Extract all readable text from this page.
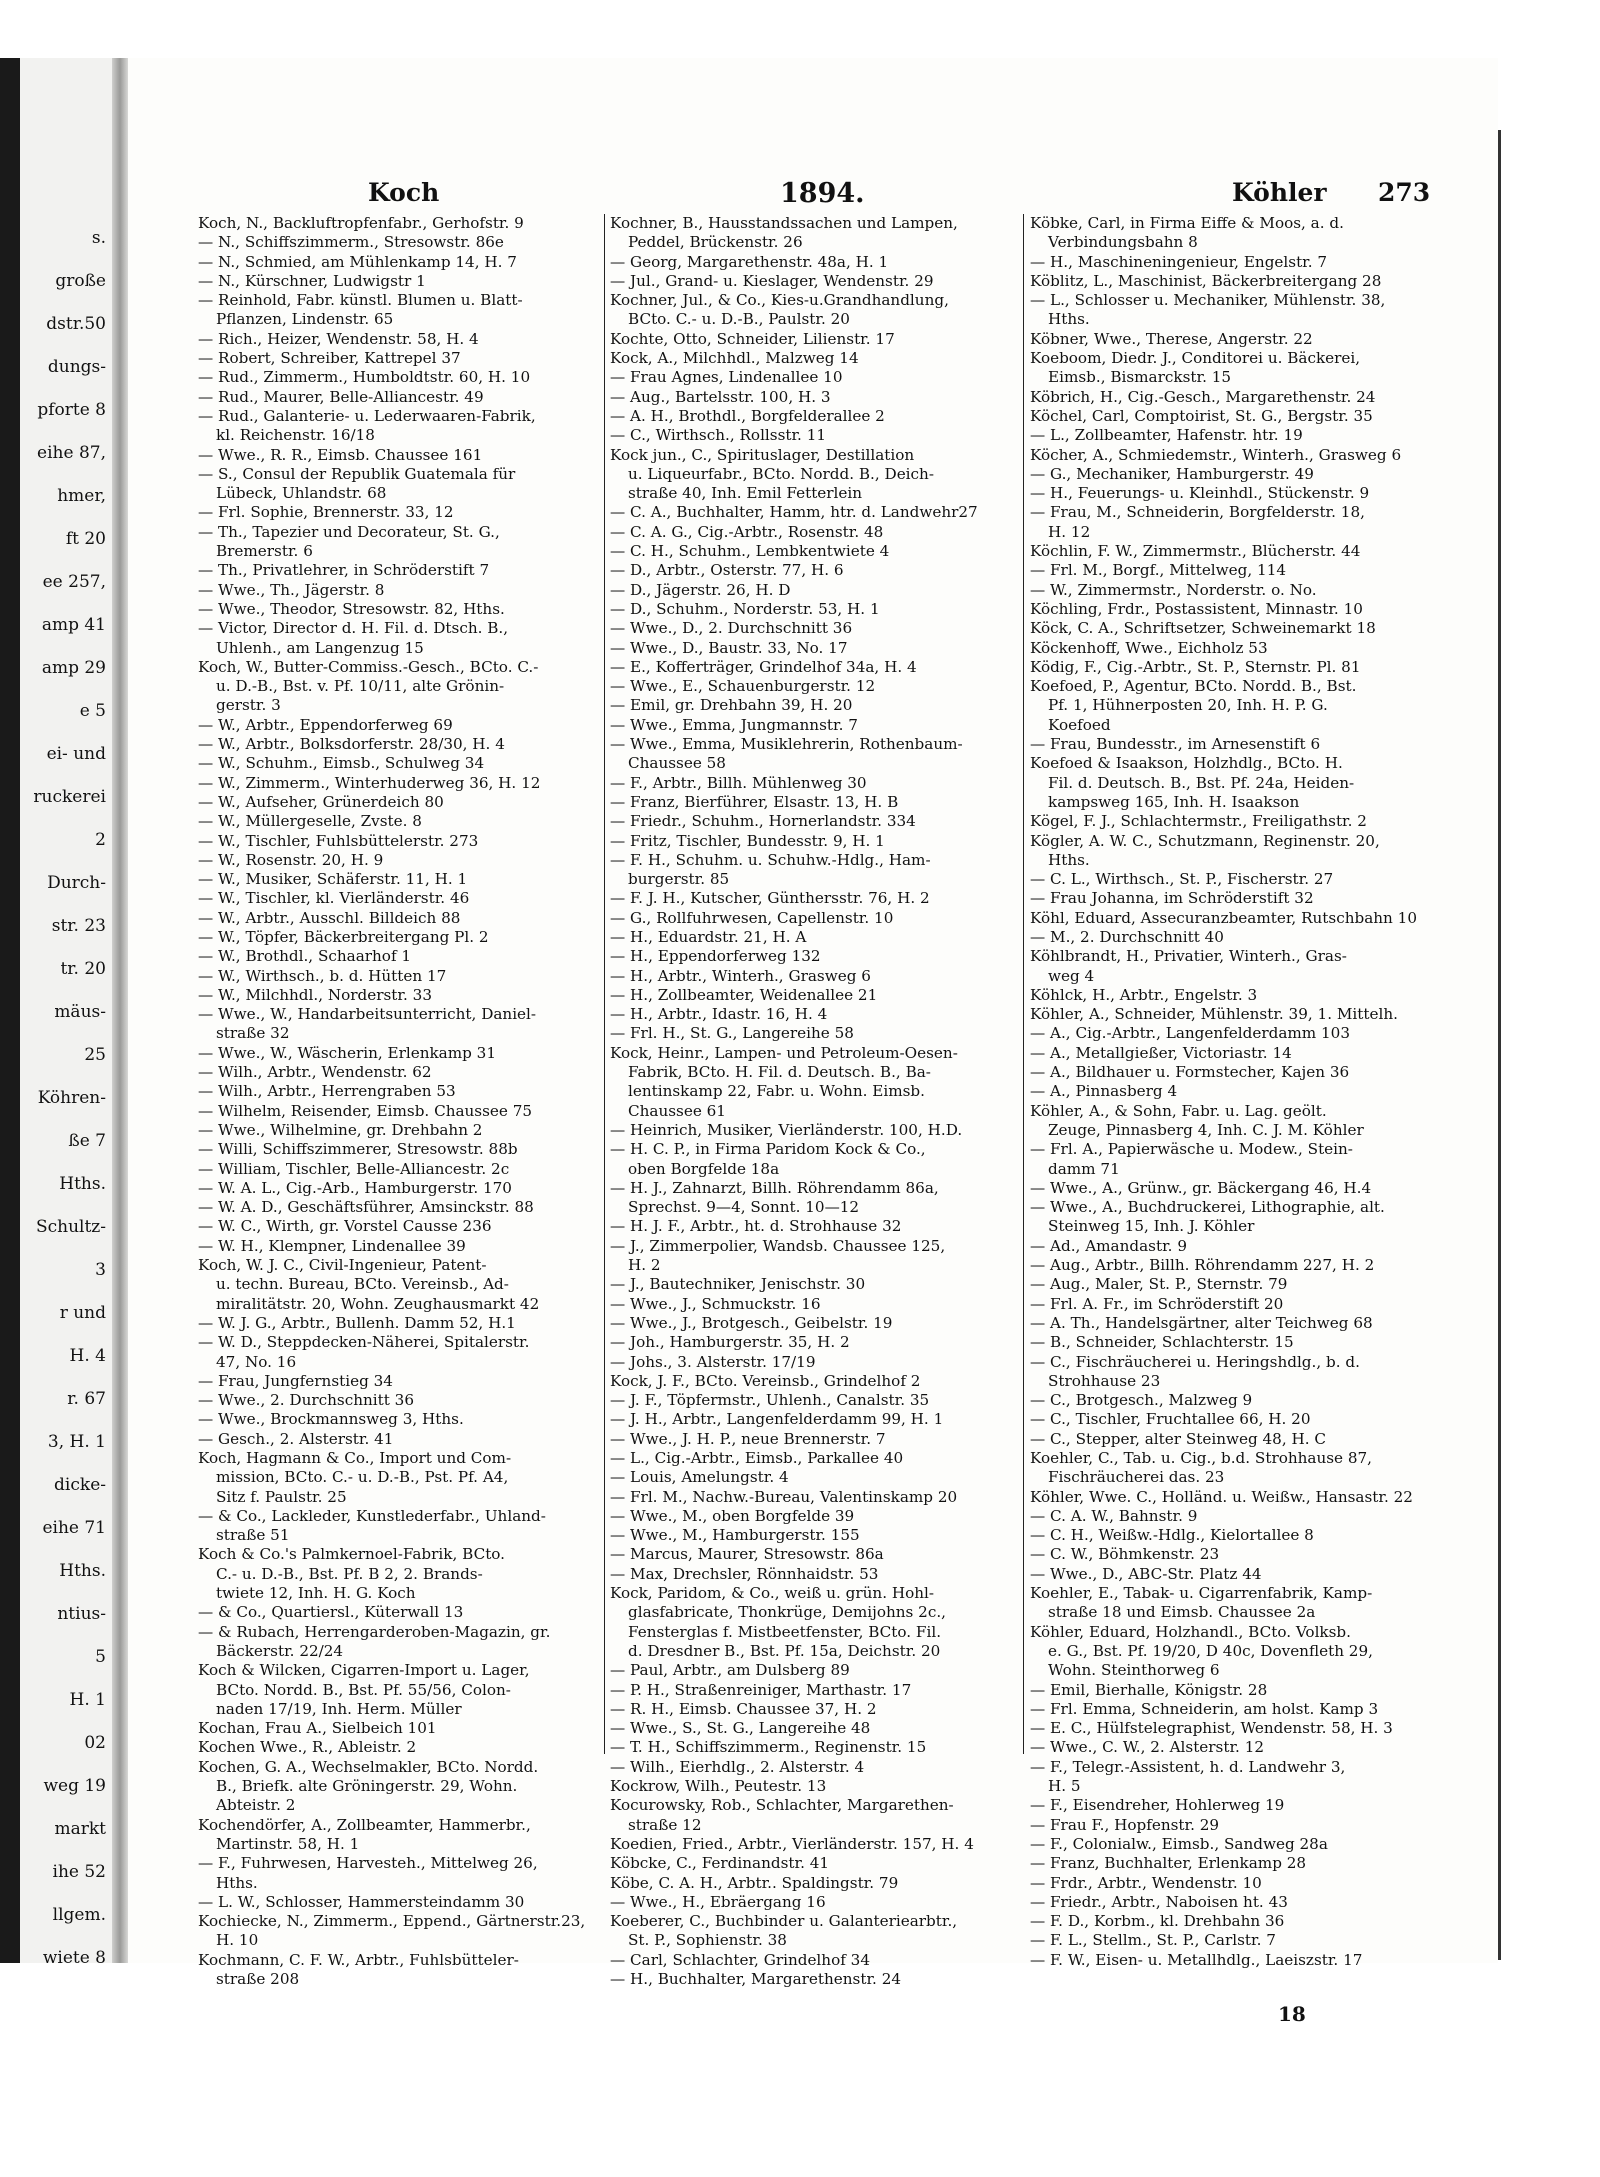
s.
große
dstr.50
dungs-
pforte 8
eihe 87,
hmer,
ft 20
ee 257,
amp 41
amp 29
e 5
ei- und
ruckerei
2
Durch-
str. 23
tr. 20
mäus-
25
Köhren-
ße 7
Hths.
Schultz-
3
r und
H. 4
r. 67
3, H. 1
dicke-
eihe 71
Hths.
ntius-
5
H. 1
02
weg 19
markt
ihe 52
llgem.
wiete 8
Koch	1894.	Köhler 273
Koch, N., Backluftropfenfabr., Gerhofstr. 9
— N., Schiffszimmerm., Stresowstr. 86e
— N., Schmied, am Mühlenkamp 14, H. 7
— N., Kürschner, Ludwigstr 1
— Reinhold, Fabr. künstl. Blumen u. Blatt-
Pflanzen, Lindenstr. 65
— Rich., Heizer, Wendenstr. 58, H. 4
— Robert, Schreiber, Kattrepel 37
— Rud., Zimmerm., Humboldtstr. 60, H. 10
— Rud., Maurer, Belle-Alliancestr. 49
— Rud., Galanterie- u. Lederwaaren-Fabrik,
kl. Reichenstr. 16/18
— Wwe., R. R., Eimsb. Chaussee 161
— S., Consul der Republik Guatemala für
Lübeck, Uhlandstr. 68
— Frl. Sophie, Brennerstr. 33, 12
— Th., Tapezier und Decorateur, St. G.,
Bremerstr. 6
— Th., Privatlehrer, in Schröderstift 7
— Wwe., Th., Jägerstr. 8
— Wwe., Theodor, Stresowstr. 82, Hths.
— Victor, Director d. H. Fil. d. Dtsch. B.,
Uhlenh., am Langenzug 15
Koch, W., Butter-Commiss.-Gesch., BCto. C.-
u. D.-B., Bst. v. Pf. 10/11, alte Grönin-
gerstr. 3
— W., Arbtr., Eppendorferweg 69
— W., Arbtr., Bolksdorferstr. 28/30, H. 4
— W., Schuhm., Eimsb., Schulweg 34
— W., Zimmerm., Winterhuderweg 36, H. 12
— W., Aufseher, Grünerdeich 80
— W., Müllergeselle, Zvste. 8
— W., Tischler, Fuhlsbüttelerstr. 273
— W., Rosenstr. 20, H. 9
— W., Musiker, Schäferstr. 11, H. 1
— W., Tischler, kl. Vierländerstr. 46
— W., Arbtr., Ausschl. Billdeich 88
— W., Töpfer, Bäckerbreitergang Pl. 2
— W., Brothdl., Schaarhof 1
— W., Wirthsch., b. d. Hütten 17
— W., Milchhdl., Norderstr. 33
— Wwe., W., Handarbeitsunterricht, Daniel-
straße 32
— Wwe., W., Wäscherin, Erlenkamp 31
— Wilh., Arbtr., Wendenstr. 62
— Wilh., Arbtr., Herrengraben 53
— Wilhelm, Reisender, Eimsb. Chaussee 75
— Wwe., Wilhelmine, gr. Drehbahn 2
— Willi, Schiffszimmerer, Stresowstr. 88b
— William, Tischler, Belle-Alliancestr. 2c
— W. A. L., Cig.-Arb., Hamburgerstr. 170
— W. A. D., Geschäftsführer, Amsinckstr. 88
— W. C., Wirth, gr. Vorstel Causse 236
— W. H., Klempner, Lindenallee 39
Koch, W. J. C., Civil-Ingenieur, Patent-
u. techn. Bureau, BCto. Vereinsb., Ad-
miralitätstr. 20, Wohn. Zeughausmarkt 42
— W. J. G., Arbtr., Bullenh. Damm 52, H.1
— W. D., Steppdecken-Näherei, Spitalerstr.
47, No. 16
— Frau, Jungfernstieg 34
— Wwe., 2. Durchschnitt 36
— Wwe., Brockmannsweg 3, Hths.
— Gesch., 2. Alsterstr. 41
Koch, Hagmann & Co., Import und Com-
mission, BCto. C.- u. D.-B., Pst. Pf. A4,
Sitz f. Paulstr. 25
— & Co., Lackleder, Kunstlederfabr., Uhland-
straße 51
Koch & Co.'s Palmkernoel-Fabrik, BCto.
C.- u. D.-B., Bst. Pf. B 2, 2. Brands-
twiete 12, Inh. H. G. Koch
— & Co., Quartiersl., Küterwall 13
— & Rubach, Herrengarderoben-Magazin, gr.
Bäckerstr. 22/24
Koch & Wilcken, Cigarren-Import u. Lager,
BCto. Nordd. B., Bst. Pf. 55/56, Colon-
naden 17/19, Inh. Herm. Müller
Kochan, Frau A., Sielbeich 101
Kochen Wwe., R., Ableistr. 2
Kochen, G. A., Wechselmakler, BCto. Nordd.
B., Briefk. alte Gröningerstr. 29, Wohn.
Abteistr. 2
Kochendörfer, A., Zollbeamter, Hammerbr.,
Martinstr. 58, H. 1
— F., Fuhrwesen, Harvesteh., Mittelweg 26,
Hths.
— L. W., Schlosser, Hammersteindamm 30
Kochiecke, N., Zimmerm., Eppend., Gärtnerstr.23,
H. 10
Kochmann, C. F. W., Arbtr., Fuhlsbütteler-
straße 208
Kochner, B., Hausstandssachen und Lampen,
Peddel, Brückenstr. 26
— Georg, Margarethenstr. 48a, H. 1
— Jul., Grand- u. Kieslager, Wendenstr. 29
Kochner, Jul., & Co., Kies-u.Grandhandlung,
BCto. C.- u. D.-B., Paulstr. 20
Kochte, Otto, Schneider, Lilienstr. 17
Kock, A., Milchhdl., Malzweg 14
— Frau Agnes, Lindenallee 10
— Aug., Bartelsstr. 100, H. 3
— A. H., Brothdl., Borgfelderallee 2
— C., Wirthsch., Rollsstr. 11
Kock jun., C., Spirituslager, Destillation
u. Liqueurfabr., BCto. Nordd. B., Deich-
straße 40, Inh. Emil Fetterlein
— C. A., Buchhalter, Hamm, htr. d. Landwehr27
— C. A. G., Cig.-Arbtr., Rosenstr. 48
— C. H., Schuhm., Lembkentwiete 4
— D., Arbtr., Osterstr. 77, H. 6
— D., Jägerstr. 26, H. D
— D., Schuhm., Norderstr. 53, H. 1
— Wwe., D., 2. Durchschnitt 36
— Wwe., D., Baustr. 33, No. 17
— E., Kofferträger, Grindelhof 34a, H. 4
— Wwe., E., Schauenburgerstr. 12
— Emil, gr. Drehbahn 39, H. 20
— Wwe., Emma, Jungmannstr. 7
— Wwe., Emma, Musiklehrerin, Rothenbaum-
Chaussee 58
— F., Arbtr., Billh. Mühlenweg 30
— Franz, Bierführer, Elsastr. 13, H. B
— Friedr., Schuhm., Hornerlandstr. 334
— Fritz, Tischler, Bundesstr. 9, H. 1
— F. H., Schuhm. u. Schuhw.-Hdlg., Ham-
burgerstr. 85
— F. J. H., Kutscher, Günthersstr. 76, H. 2
— G., Rollfuhrwesen, Capellenstr. 10
— H., Eduardstr. 21, H. A
— H., Eppendorferweg 132
— H., Arbtr., Winterh., Grasweg 6
— H., Zollbeamter, Weidenallee 21
— H., Arbtr., Idastr. 16, H. 4
— Frl. H., St. G., Langereihe 58
Kock, Heinr., Lampen- und Petroleum-Oesen-
Fabrik, BCto. H. Fil. d. Deutsch. B., Ba-
lentinskamp 22, Fabr. u. Wohn. Eimsb.
Chaussee 61
— Heinrich, Musiker, Vierländerstr. 100, H.D.
— H. C. P., in Firma Paridom Kock & Co.,
oben Borgfelde 18a
— H. J., Zahnarzt, Billh. Röhrendamm 86a,
Sprechst. 9—4, Sonnt. 10—12
— H. J. F., Arbtr., ht. d. Strohhause 32
— J., Zimmerpolier, Wandsb. Chaussee 125,
H. 2
— J., Bautechniker, Jenischstr. 30
— Wwe., J., Schmuckstr. 16
— Wwe., J., Brotgesch., Geibelstr. 19
— Joh., Hamburgerstr. 35, H. 2
— Johs., 3. Alsterstr. 17/19
Kock, J. F., BCto. Vereinsb., Grindelhof 2
— J. F., Töpfermstr., Uhlenh., Canalstr. 35
— J. H., Arbtr., Langenfelderdamm 99, H. 1
— Wwe., J. H. P., neue Brennerstr. 7
— L., Cig.-Arbtr., Eimsb., Parkallee 40
— Louis, Amelungstr. 4
— Frl. M., Nachw.-Bureau, Valentinskamp 20
— Wwe., M., oben Borgfelde 39
— Wwe., M., Hamburgerstr. 155
— Marcus, Maurer, Stresowstr. 86a
— Max, Drechsler, Rönnhaidstr. 53
Kock, Paridom, & Co., weiß u. grün. Hohl-
glasfabricate, Thonkrüge, Demijohns 2c.,
Fensterglas f. Mistbeetfenster, BCto. Fil.
d. Dresdner B., Bst. Pf. 15a, Deichstr. 20
— Paul, Arbtr., am Dulsberg 89
— P. H., Straßenreiniger, Marthastr. 17
— R. H., Eimsb. Chaussee 37, H. 2
— Wwe., S., St. G., Langereihe 48
— T. H., Schiffszimmerm., Reginenstr. 15
— Wilh., Eierhdlg., 2. Alsterstr. 4
Kockrow, Wilh., Peutestr. 13
Kocurowsky, Rob., Schlachter, Margarethen-
straße 12
Koedien, Fried., Arbtr., Vierländerstr. 157, H. 4
Köbcke, C., Ferdinandstr. 41
Köbe, C. A. H., Arbtr.. Spaldingstr. 79
— Wwe., H., Ebräergang 16
Koeberer, C., Buchbinder u. Galanteriearbtr.,
St. P., Sophienstr. 38
— Carl, Schlachter, Grindelhof 34
— H., Buchhalter, Margarethenstr. 24
Köbke, Carl, in Firma Eiffe & Moos, a. d.
Verbindungsbahn 8
— H., Maschineningenieur, Engelstr. 7
Köblitz, L., Maschinist, Bäckerbreitergang 28
— L., Schlosser u. Mechaniker, Mühlenstr. 38,
Hths.
Köbner, Wwe., Therese, Angerstr. 22
Koeboom, Diedr. J., Conditorei u. Bäckerei,
Eimsb., Bismarckstr. 15
Köbrich, H., Cig.-Gesch., Margarethenstr. 24
Köchel, Carl, Comptoirist, St. G., Bergstr. 35
— L., Zollbeamter, Hafenstr. htr. 19
Köcher, A., Schmiedemstr., Winterh., Grasweg 6
— G., Mechaniker, Hamburgerstr. 49
— H., Feuerungs- u. Kleinhdl., Stückenstr. 9
— Frau, M., Schneiderin, Borgfelderstr. 18,
H. 12
Köchlin, F. W., Zimmermstr., Blücherstr. 44
— Frl. M., Borgf., Mittelweg, 114
— W., Zimmermstr., Norderstr. o. No.
Köchling, Frdr., Postassistent, Minnastr. 10
Köck, C. A., Schriftsetzer, Schweinemarkt 18
Köckenhoff, Wwe., Eichholz 53
Ködig, F., Cig.-Arbtr., St. P., Sternstr. Pl. 81
Koefoed, P., Agentur, BCto. Nordd. B., Bst.
Pf. 1, Hühnerposten 20, Inh. H. P. G.
Koefoed
— Frau, Bundesstr., im Arnesenstift 6
Koefoed & Isaakson, Holzhdlg., BCto. H.
Fil. d. Deutsch. B., Bst. Pf. 24a, Heiden-
kampsweg 165, Inh. H. Isaakson
Kögel, F. J., Schlachtermstr., Freiligathstr. 2
Kögler, A. W. C., Schutzmann, Reginenstr. 20,
Hths.
— C. L., Wirthsch., St. P., Fischerstr. 27
— Frau Johanna, im Schröderstift 32
Köhl, Eduard, Assecuranzbeamter, Rutschbahn 10
— M., 2. Durchschnitt 40
Köhlbrandt, H., Privatier, Winterh., Gras-
weg 4
Köhlck, H., Arbtr., Engelstr. 3
Köhler, A., Schneider, Mühlenstr. 39, 1. Mittelh.
— A., Cig.-Arbtr., Langenfelderdamm 103
— A., Metallgießer, Victoriastr. 14
— A., Bildhauer u. Formstecher, Kajen 36
— A., Pinnasberg 4
Köhler, A., & Sohn, Fabr. u. Lag. geölt.
Zeuge, Pinnasberg 4, Inh. C. J. M. Köhler
— Frl. A., Papierwäsche u. Modew., Stein-
damm 71
— Wwe., A., Grünw., gr. Bäckergang 46, H.4
— Wwe., A., Buchdruckerei, Lithographie, alt.
Steinweg 15, Inh. J. Köhler
— Ad., Amandastr. 9
— Aug., Arbtr., Billh. Röhrendamm 227, H. 2
— Aug., Maler, St. P., Sternstr. 79
— Frl. A. Fr., im Schröderstift 20
— A. Th., Handelsgärtner, alter Teichweg 68
— B., Schneider, Schlachterstr. 15
— C., Fischräucherei u. Heringshdlg., b. d.
Strohhause 23
— C., Brotgesch., Malzweg 9
— C., Tischler, Fruchtallee 66, H. 20
— C., Stepper, alter Steinweg 48, H. C
Koehler, C., Tab. u. Cig., b.d. Strohhause 87,
Fischräucherei das. 23
Köhler, Wwe. C., Holländ. u. Weißw., Hansastr. 22
— C. A. W., Bahnstr. 9
— C. H., Weißw.-Hdlg., Kielortallee 8
— C. W., Böhmkenstr. 23
— Wwe., D., ABC-Str. Platz 44
Koehler, E., Tabak- u. Cigarrenfabrik, Kamp-
straße 18 und Eimsb. Chaussee 2a
Köhler, Eduard, Holzhandl., BCto. Volksb.
e. G., Bst. Pf. 19/20, D 40c, Dovenfleth 29,
Wohn. Steinthorweg 6
— Emil, Bierhalle, Königstr. 28
— Frl. Emma, Schneiderin, am holst. Kamp 3
— E. C., Hülfstelegraphist, Wendenstr. 58, H. 3
— Wwe., C. W., 2. Alsterstr. 12
— F., Telegr.-Assistent, h. d. Landwehr 3,
H. 5
— F., Eisendreher, Hohlerweg 19
— Frau F., Hopfenstr. 29
— F., Colonialw., Eimsb., Sandweg 28a
— Franz, Buchhalter, Erlenkamp 28
— Frdr., Arbtr., Wendenstr. 10
— Friedr., Arbtr., Naboisen ht. 43
— F. D., Korbm., kl. Drehbahn 36
— F. L., Stellm., St. P., Carlstr. 7
— F. W., Eisen- u. Metallhdlg., Laeiszstr. 17
18
